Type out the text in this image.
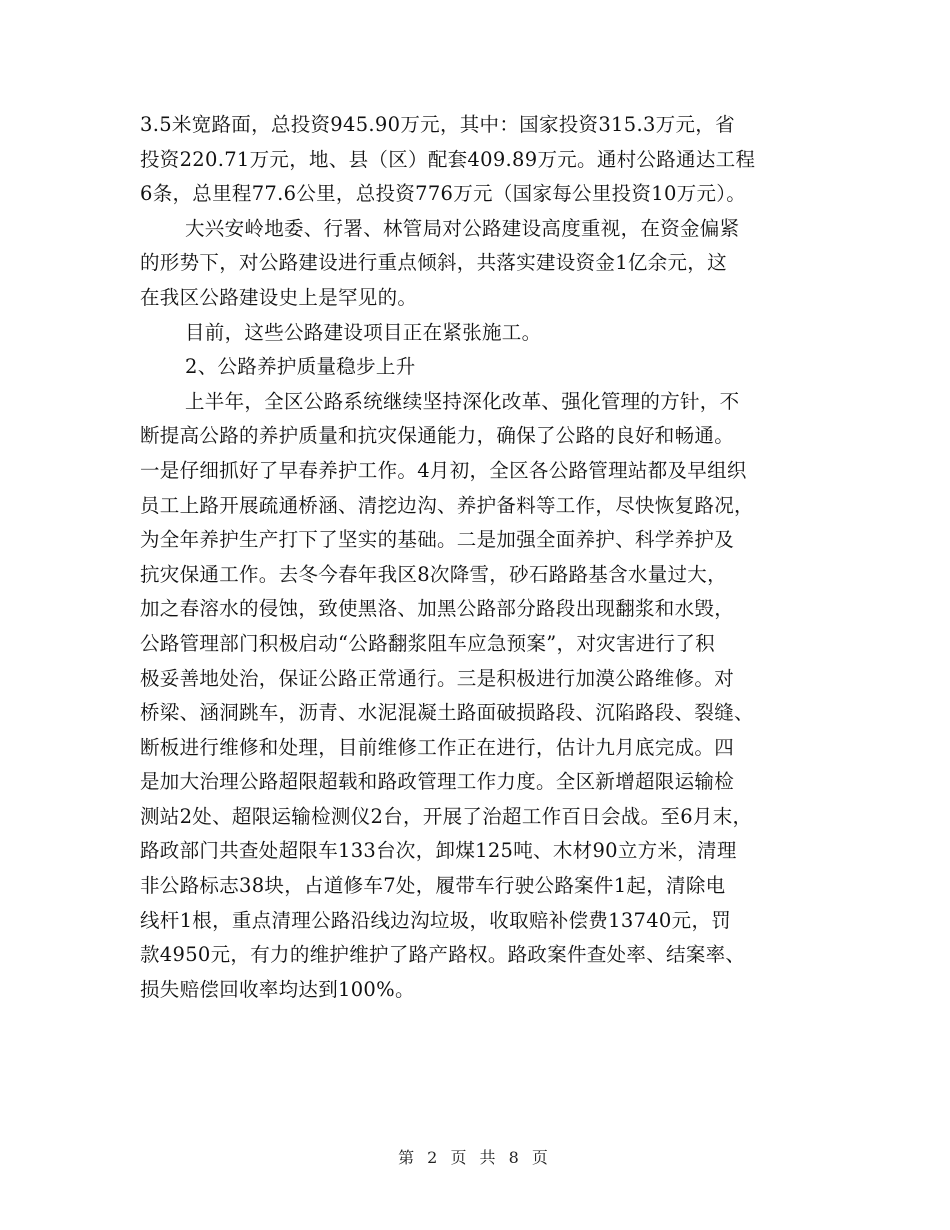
3.5米宽路面，总投资945.90万元，其中：国家投资315.3万元，省
投资220.71万元，地、县（区）配套409.89万元。通村公路通达工程
6条，总里程77.6公里，总投资776万元（国家每公里投资10万元）。
大兴安岭地委、行署、林管局对公路建设高度重视，在资金偏紧
的形势下，对公路建设进行重点倾斜，共落实建设资金1亿余元，这
在我区公路建设史上是罕见的。
目前，这些公路建设项目正在紧张施工。
2、公路养护质量稳步上升
上半年，全区公路系统继续坚持深化改革、强化管理的方针，不
断提高公路的养护质量和抗灾保通能力，确保了公路的良好和畅通。
一是仔细抓好了早春养护工作。4月初，全区各公路管理站都及早组织
员工上路开展疏通桥涵、清挖边沟、养护备料等工作，尽快恢复路况，
为全年养护生产打下了坚实的基础。二是加强全面养护、科学养护及
抗灾保通工作。去冬今春年我区8次降雪，砂石路路基含水量过大，
加之春溶水的侵蚀，致使黑洛、加黑公路部分路段出现翻浆和水毁，
公路管理部门积极启动“公路翻浆阻车应急预案”，对灾害进行了积
极妥善地处治，保证公路正常通行。三是积极进行加漠公路维修。对
桥梁、涵洞跳车，沥青、水泥混凝土路面破损路段、沉陷路段、裂缝、
断板进行维修和处理，目前维修工作正在进行，估计九月底完成。四
是加大治理公路超限超载和路政管理工作力度。全区新增超限运输检
测站2处、超限运输检测仪2台，开展了治超工作百日会战。至6月末，
路政部门共查处超限车133台次，卸煤125吨、木材90立方米，清理
非公路标志38块，占道修车7处，履带车行驶公路案件1起，清除电
线杆1根，重点清理公路沿线边沟垃圾，收取赔补偿费13740元，罚
款4950元，有力的维护维护了路产路权。路政案件查处率、结案率、
损失赔偿回收率均达到100%。
第 2 页 共 8 页
